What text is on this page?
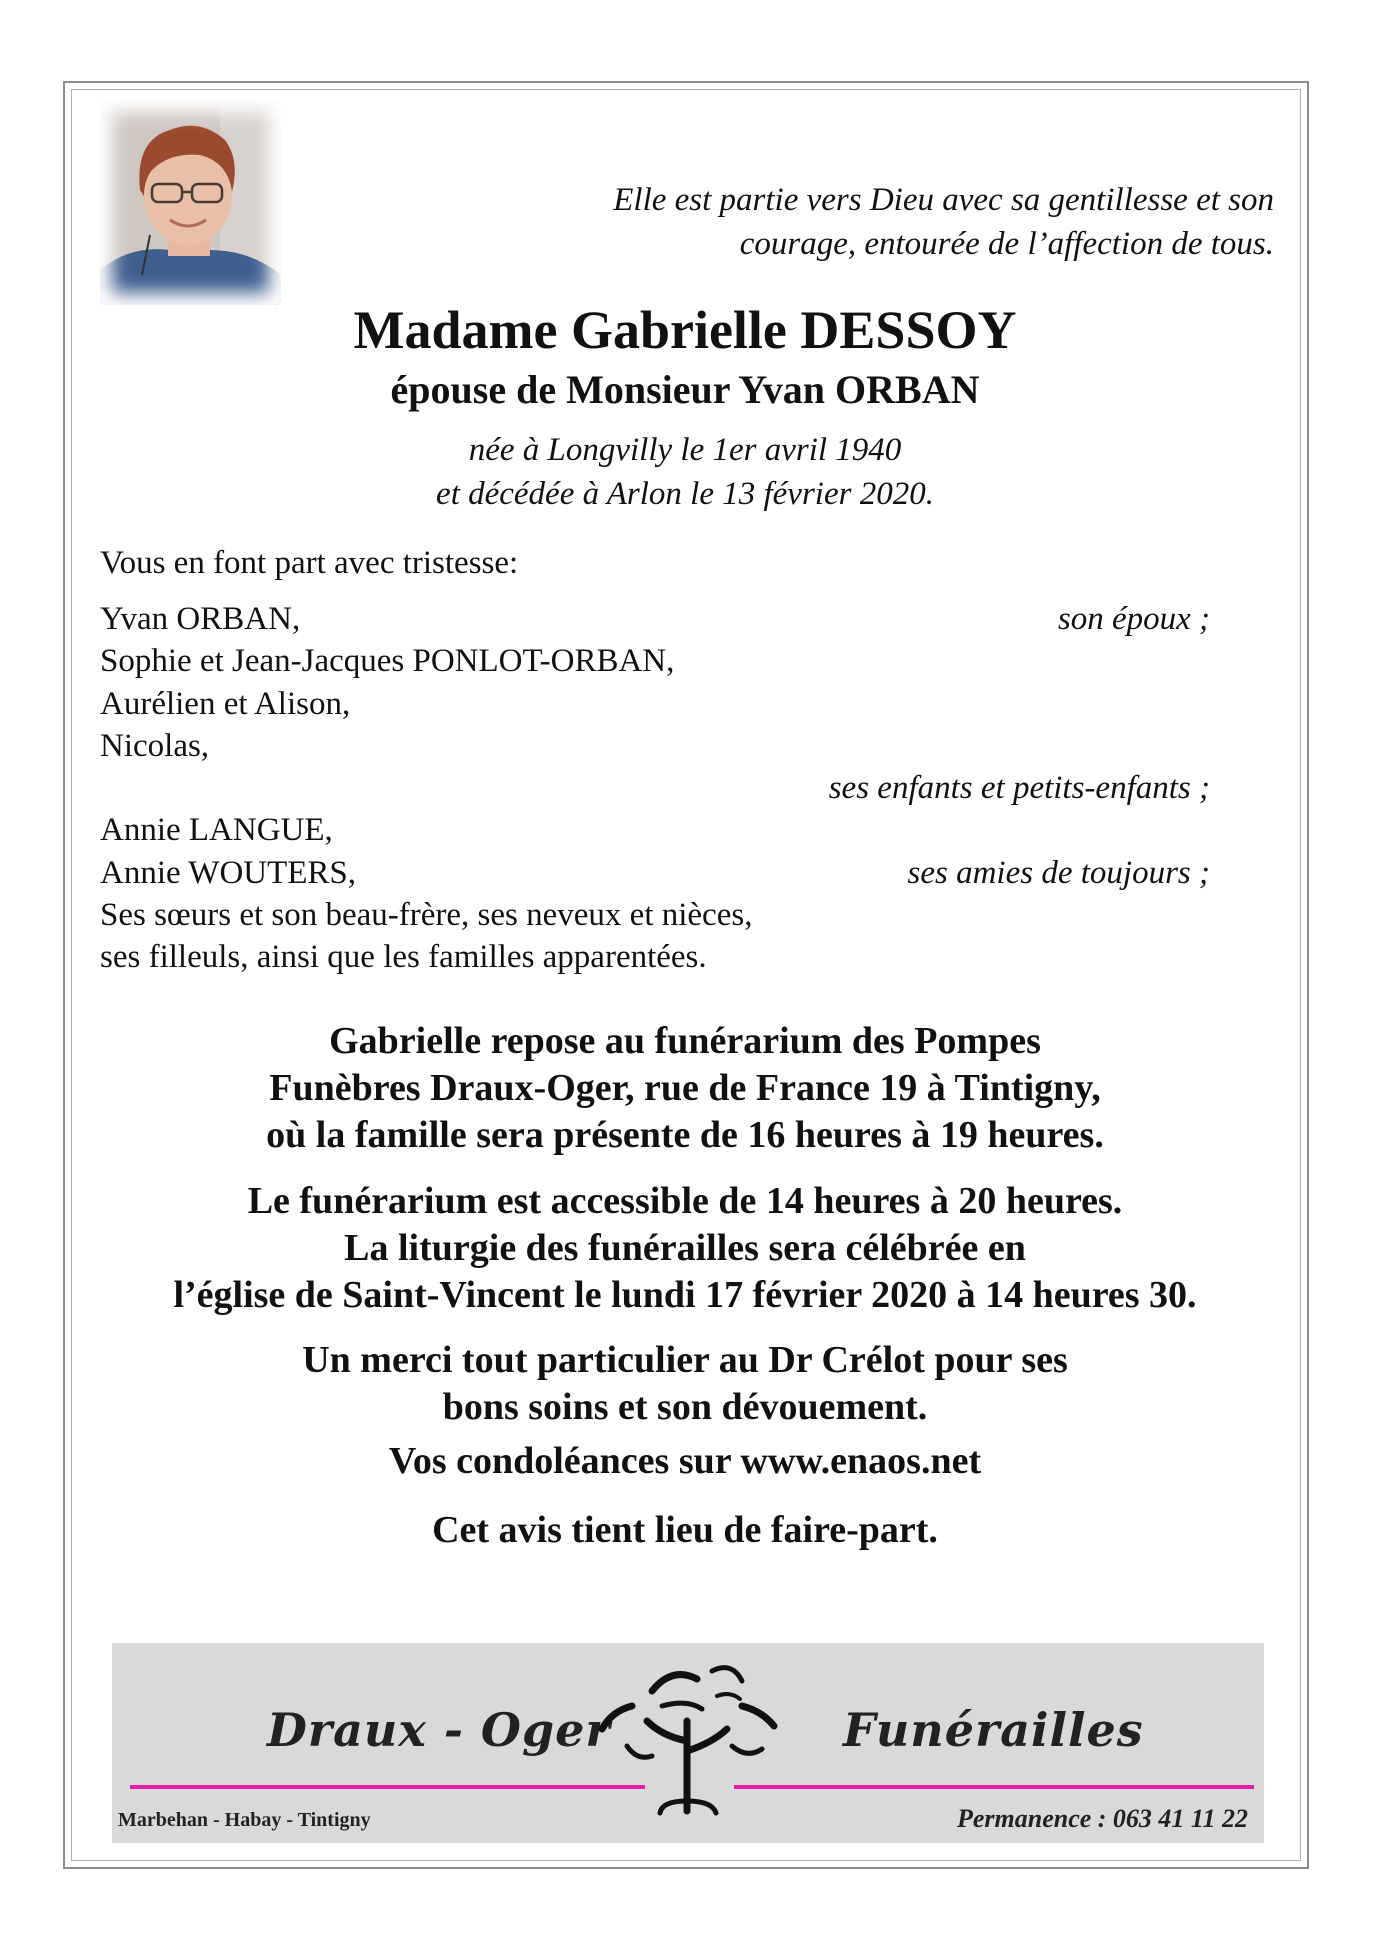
Elle est partie vers Dieu avec sa gentillesse et son
courage, entourée de l’affection de tous.
Madame Gabrielle DESSOY
épouse de Monsieur Yvan ORBAN
née à Longvilly le 1er avril 1940
et décédée à Arlon le 13 février 2020.
Vous en font part avec tristesse:
Yvan ORBAN,	son époux ;
Sophie et Jean-Jacques PONLOT-ORBAN,
Aurélien et Alison,
Nicolas,
ses enfants et petits-enfants ;
Annie LANGUE,
Annie WOUTERS,	ses amies de toujours ;
Ses sœurs et son beau-frère, ses neveux et nièces,
ses filleuls, ainsi que les familles apparentées.
Gabrielle repose au funérarium des Pompes
Funèbres Draux-Oger, rue de France 19 à Tintigny,
où la famille sera présente de 16 heures à 19 heures.
Le funérarium est accessible de 14 heures à 20 heures.
La liturgie des funérailles sera célébrée en
l’église de Saint-Vincent le lundi 17 février 2020 à 14 heures 30.
Un merci tout particulier au Dr Crélot pour ses
bons soins et son dévouement.
Vos condoléances sur www.enaos.net
Cet avis tient lieu de faire-part.
Draux - Oger	Funérailles
Marbehan - Habay - Tintigny	Permanence : 063 41 11 22
